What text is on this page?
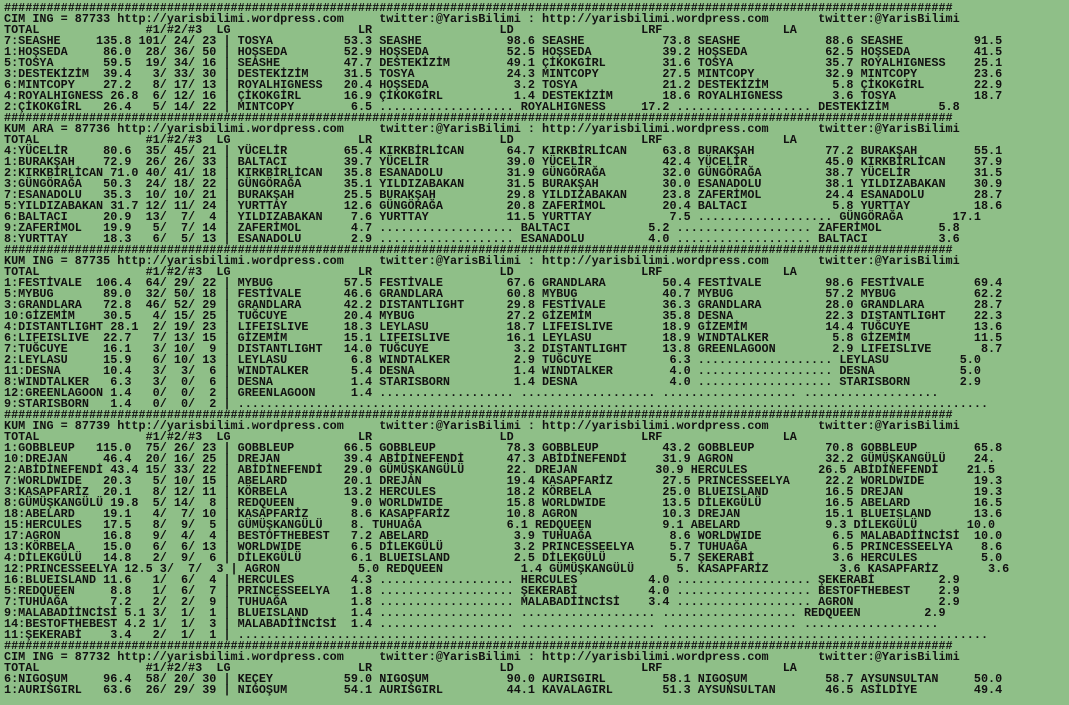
######################################################################################################################################
CIM ING = 87733 http://yarisbilimi.wordpress.com     twitter:@YarisBilimi : http://yarisbilimi.wordpress.com       twitter:@YarisBilimi
TOTAL               #1/#2/#3  LG                  LR                  LD                  LRF                 LA
7:SEASHE     135.8 101/ 24/ 23 | TOSYA          53.3 SEASHE            98.6 SEASHE           73.8 SEASHE            88.6 SEASHE          91.5
1:HOŞSEDA     86.0  28/ 36/ 50 | HOŞSEDA        52.9 HOŞSEDA           52.5 HOŞSEDA          39.2 HOŞSEDA           62.5 HOŞSEDA         41.5
5:TOSYA       59.5  19/ 34/ 16 | SEASHE         47.7 DESTEKİZİM        49.1 ÇİKOKGİRL        31.6 TOSYA             35.7 ROYALHIGNESS    25.1
3:DESTEKİZİM  39.4   3/ 33/ 30 | DESTEKİZİM     31.5 TOSYA             24.3 MINTCOPY         27.5 MINTCOPY          32.9 MINTCOPY        23.6
6:MINTCOPY    27.2   8/ 17/ 13 | ROYALHIGNESS   20.4 HOŞSEDA            3.2 TOSYA            21.2 DESTEKİZİM         5.8 ÇİKOKGİRL       22.9
4:ROYALHIGNESS 26.8  6/ 12/ 16 | ÇİKOKGİRL      16.9 ÇİKOKGİRL          1.4 DESTEKİZİM       18.6 ROYALHIGNESS       3.6 TOSYA           18.7
2:ÇİKOKGİRL   26.4   5/ 14/ 22 | MINTCOPY        6.5 ................... ROYALHIGNESS     17.2 ................... DESTEKİZİM       5.8
######################################################################################################################################
KUM ARA = 87736 http://yarisbilimi.wordpress.com     twitter:@YarisBilimi : http://yarisbilimi.wordpress.com       twitter:@YarisBilimi
TOTAL               #1/#2/#3  LG                  LR                  LD                  LRF                 LA
4:YÜCELİR     80.6  35/ 45/ 21 | YÜCELİR        65.4 KIRKBİRLİCAN      64.7 KIRKBİRLİCAN     63.8 BURAKŞAH          77.2 BURAKŞAH        55.1
1:BURAKŞAH    72.9  26/ 26/ 33 | BALTACI        39.7 YÜCELİR           39.0 YÜCELİR          42.4 YÜCELİR           45.0 KIRKBİRLİCAN    37.9
2:KIRKBİRLİCAN 71.0 40/ 41/ 18 | KIRKBİRLİCAN   35.8 ESANADOLU         31.9 GÜNGÖRAĞA        32.0 GÜNGÖRAĞA         38.7 YÜCELİR         31.5
3:GÜNGÖRAĞA   50.3  24/ 18/ 22 | GÜNGÖRAĞA      35.1 YILDIZABAKAN      31.5 BURAKŞAH         30.0 ESANADOLU         38.1 YILDIZABAKAN    30.9
7:ESANADOLU   35.3  10/ 10/ 21 | BURAKŞAH       25.5 BURAKŞAH          29.8 YILDIZABAKAN     23.8 ZAFERİMOL         24.4 ESANADOLU       28.7
5:YILDIZABAKAN 31.7 12/ 11/ 24 | YURTTAY        12.6 GÜNGÖRAĞA         20.8 ZAFERİMOL        20.4 BALTACI            5.8 YURTTAY         18.6
6:BALTACI     20.9  13/  7/  4 | YILDIZABAKAN    7.6 YURTTAY           11.5 YURTTAY           7.5 ................... GÜNGÖRAĞA       17.1
9:ZAFERİMOL   19.9   5/  7/ 14 | ZAFERİMOL       4.7 ................... BALTACI           5.2 ................... ZAFERİMOL        5.8
8:YURTTAY     18.3   6/  5/ 13 | ESANADOLU       2.9 ................... ESANADOLU         4.0 ................... BALTACI          3.6
######################################################################################################################################
KUM ING = 87735 http://yarisbilimi.wordpress.com     twitter:@YarisBilimi : http://yarisbilimi.wordpress.com       twitter:@YarisBilimi
TOTAL               #1/#2/#3  LG                  LR                  LD                  LRF                 LA
1:FESTİVALE  106.4  64/ 29/ 22 | MYBUG          57.5 FESTİVALE         67.6 GRANDLARA        50.4 FESTİVALE         98.6 FESTİVALE       69.4
5:MYBUG       89.0  32/ 50/ 18 | FESTİVALE      46.6 GRANDLARA         60.8 MYBUG            40.7 MYBUG             57.2 MYBUG           62.2
3:GRANDLARA   72.8  46/ 52/ 29 | GRANDLARA      42.2 DISTANTLIGHT      29.8 FESTİVALE        36.3 GRANDLARA         28.0 GRANDLARA       28.7
10:GİZEMİM    30.5   4/ 15/ 25 | TUĞCUYE        20.4 MYBUG             27.2 GİZEMİM          35.8 DESNA             22.3 DISTANTLIGHT    22.3
4:DISTANTLIGHT 28.1  2/ 19/ 23 | LIFEISLIVE     18.3 LEYLASU           18.7 LIFEISLIVE       18.9 GİZEMİM           14.4 TUĞCUYE         13.6
6:LIFEISLIVE  22.7   7/ 13/ 15 | GİZEMİM        15.1 LIFEISLIVE        16.1 LEYLASU          18.9 WINDTALKER         5.8 GİZEMİM         11.5
7:TUĞCUYE     16.1   3/ 10/  9 | DISTANTLIGHT   14.0 TUĞCUYE            3.2 DISTANTLIGHT     13.8 GREENLAGOON        2.9 LIFEISLIVE       8.7
2:LEYLASU     15.9   6/ 10/ 13 | LEYLASU         6.8 WINDTALKER         2.9 TUĞCUYE           6.3 ................... LEYLASU          5.0
11:DESNA      10.4   3/  3/  6 | WINDTALKER      5.4 DESNA              1.4 WINDTALKER        4.0 ................... DESNA            5.0
8:WINDTALKER   6.3   3/  0/  6 | DESNA           1.4 STARISBORN         1.4 DESNA             4.0 ................... STARISBORN       2.9
12:GREENLAGOON 1.4   0/  0/  2 | GREENLAGOON     1.4 ................... ................... ................... ...................
9:STARISBORN   1.4   0/  0/  2 | ..........................................................................................................
######################################################################################################################################
KUM ING = 87739 http://yarisbilimi.wordpress.com     twitter:@YarisBilimi : http://yarisbilimi.wordpress.com       twitter:@YarisBilimi
TOTAL               #1/#2/#3  LG                  LR                  LD                  LRF                 LA
1:GOBBLEUP   115.0  75/ 26/ 23 | GOBBLEUP       66.5 GOBBLEUP          78.3 GOBBLEUP         43.2 GOBBLEUP          70.8 GOBBLEUP        65.8
10:DREJAN     46.4  20/ 16/ 25 | DREJAN         39.4 ABİDİNEFENDİ      47.3 ABİDİNEFENDİ     31.9 AGRON             32.2 GÜMÜŞKANGÜLÜ    24.
2:ABİDİNEFENDİ 43.4 15/ 33/ 22 | ABİDİNEFENDİ   29.0 GÜMÜŞKANGÜLÜ      22. DREJAN           30.9 HERCULES          26.5 ABİDİNEFENDİ    21.5
7:WORLDWIDE   20.3   5/ 10/ 15 | ABELARD        20.1 DREJAN            19.4 KASAPFARİZ       27.5 PRINCESSEELYA     22.2 WORLDWIDE       19.3
3:KASAPFARİZ  20.1   8/ 12/ 11 | KÖRBELA        13.2 HERCULES          18.2 KÖRBELA          25.0 BLUEISLAND        16.5 DREJAN          19.3
8:GÜMÜŞKANGÜLÜ 19.8  5/ 14/  8 | REDQUEEN        9.0 WORLDWIDE         15.8 WORLDWIDE        13.5 DİLEKGÜLÜ         16.5 ABELARD         16.5
18:ABELARD    19.1   4/  7/ 10 | KASAPFARİZ      8.6 KASAPFARİZ        10.8 AGRON            10.3 DREJAN            15.1 BLUEISLAND      13.6
15:HERCULES   17.5   8/  9/  5 | GÜMÜŞKANGÜLÜ    8. TUHUAĞA            6.1 REDQUEEN          9.1 ABELARD            9.3 DİLEKGÜLÜ       10.0
17:AGRON      16.8   9/  4/  4 | BESTOFTHEBEST   7.2 ABELARD            3.9 TUHUAĞA           8.6 WORLDWIDE          6.5 MALABADİİNCİSİ  10.0
13:KÖRBELA    15.0   6/  6/ 13 | WORLDWIDE       6.5 DİLEKGÜLÜ          3.2 PRINCESSEELYA     5.7 TUHUAĞA            6.5 PRINCESSEELYA    8.6
4:DİLEKGÜLÜ   14.8   2/  9/  6 | DİLEKGÜLÜ       6.1 BLUEISLAND         2.5 DİLEKGÜLÜ         5.7 ŞEKERABİ           3.6 HERCULES         5.0
12:PRINCESSEELYA 12.5 3/  7/  3 | AGRON           5.0 REDQUEEN           1.4 GÜMÜŞKANGÜLÜ      5. KASAPFARİZ          3.6 KASAPFARİZ       3.6
16:BLUEISLAND 11.6   1/  6/  4 | HERCULES        4.3 ................... HERCULES          4.0 ................... ŞEKERABİ         2.9
5:REDQUEEN     8.8   1/  6/  7 | PRINCESSEELYA   1.8 ................... ŞEKERABİ          4.0 ................... BESTOFTHEBEST    2.9
7:TUHUAĞA      7.2   2/  2/  9 | TUHUAĞA         1.8 ................... MALABADİİNCİSİ    3.4 ................... AGRON            2.9
9:MALABADİİNCİSİ 5.1 3/  1/  1 | BLUEISLAND      1.4 ................... ................... ................... REDQUEEN         2.9
14:BESTOFTHEBEST 4.2 1/  1/  3 | MALABADİİNCİSİ  1.4 ................... ................... ................... ...................
11:ŞEKERABİ    3.4   2/  1/  1 | ..........................................................................................................
######################################################################################################################################
CIM ING = 87732 http://yarisbilimi.wordpress.com     twitter:@YarisBilimi : http://yarisbilimi.wordpress.com       twitter:@YarisBilimi
TOTAL               #1/#2/#3  LG                  LR                  LD                  LRF                 LA
6:NIGOŞUM     96.4  58/ 20/ 30 | KEÇEY          59.0 NIGOŞUM           90.0 AURISGIRL        58.1 NIGOŞUM           58.7 AYSUNSULTAN     50.0
1:AURISGIRL   63.6  26/ 29/ 39 | NIGOŞUM        54.1 AURISGIRL         44.1 KAVALAGIRL       51.3 AYSUNSULTAN       46.5 ASİLDİYE        49.4
